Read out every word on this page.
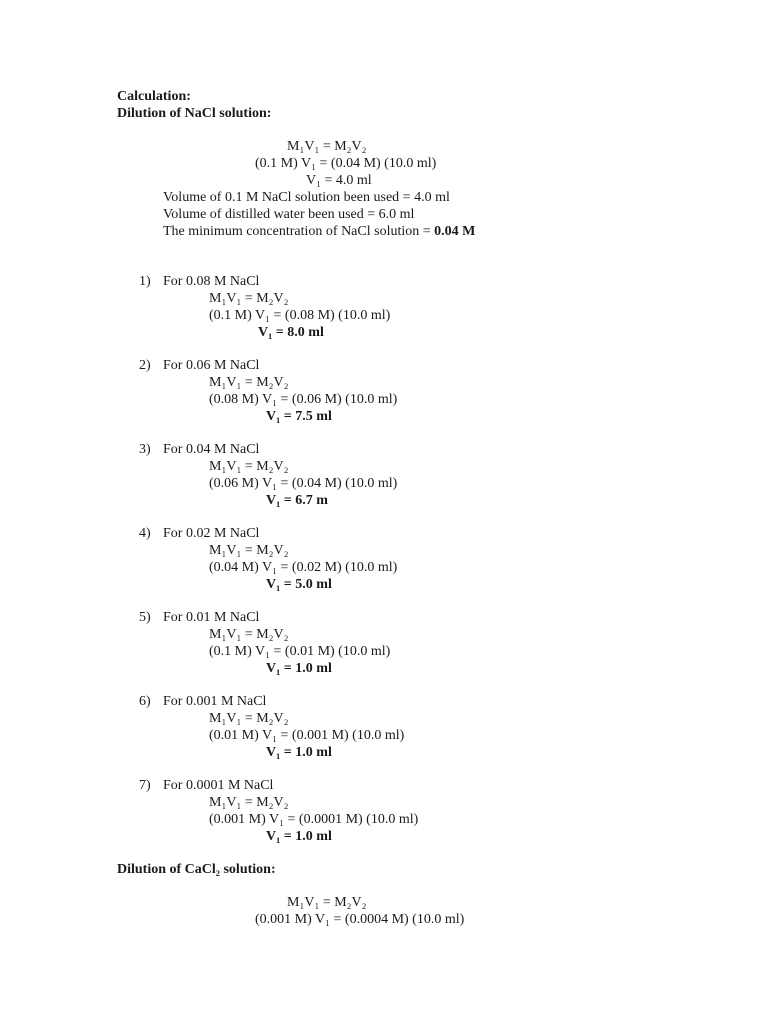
Calculation:
Dilution of NaCl solution:
M₁V₁ = M₂V₂
(0.1 M) V₁ = (0.04 M) (10.0 ml)
V₁ = 4.0 ml
Volume of 0.1 M NaCl solution been used = 4.0 ml
Volume of distilled water been used = 6.0 ml
The minimum concentration of NaCl solution = 0.04 M
1) For 0.08 M NaCl
M₁V₁ = M₂V₂
(0.1 M) V₁ = (0.08 M) (10.0 ml)
V₁ = 8.0 ml
2) For 0.06 M NaCl
M₁V₁ = M₂V₂
(0.08 M) V₁ = (0.06 M) (10.0 ml)
V₁ = 7.5 ml
3) For 0.04 M NaCl
M₁V₁ = M₂V₂
(0.06 M) V₁ = (0.04 M) (10.0 ml)
V₁ = 6.7 m
4) For 0.02 M NaCl
M₁V₁ = M₂V₂
(0.04 M) V₁ = (0.02 M) (10.0 ml)
V₁ = 5.0 ml
5) For 0.01 M NaCl
M₁V₁ = M₂V₂
(0.1 M) V₁ = (0.01 M) (10.0 ml)
V₁ = 1.0 ml
6) For 0.001 M NaCl
M₁V₁ = M₂V₂
(0.01 M) V₁ = (0.001 M) (10.0 ml)
V₁ = 1.0 ml
7) For 0.0001 M NaCl
M₁V₁ = M₂V₂
(0.001 M) V₁ = (0.0001 M) (10.0 ml)
V₁ = 1.0 ml
Dilution of CaCl₂ solution:
M₁V₁ = M₂V₂
(0.001 M) V₁ = (0.0004 M) (10.0 ml)
